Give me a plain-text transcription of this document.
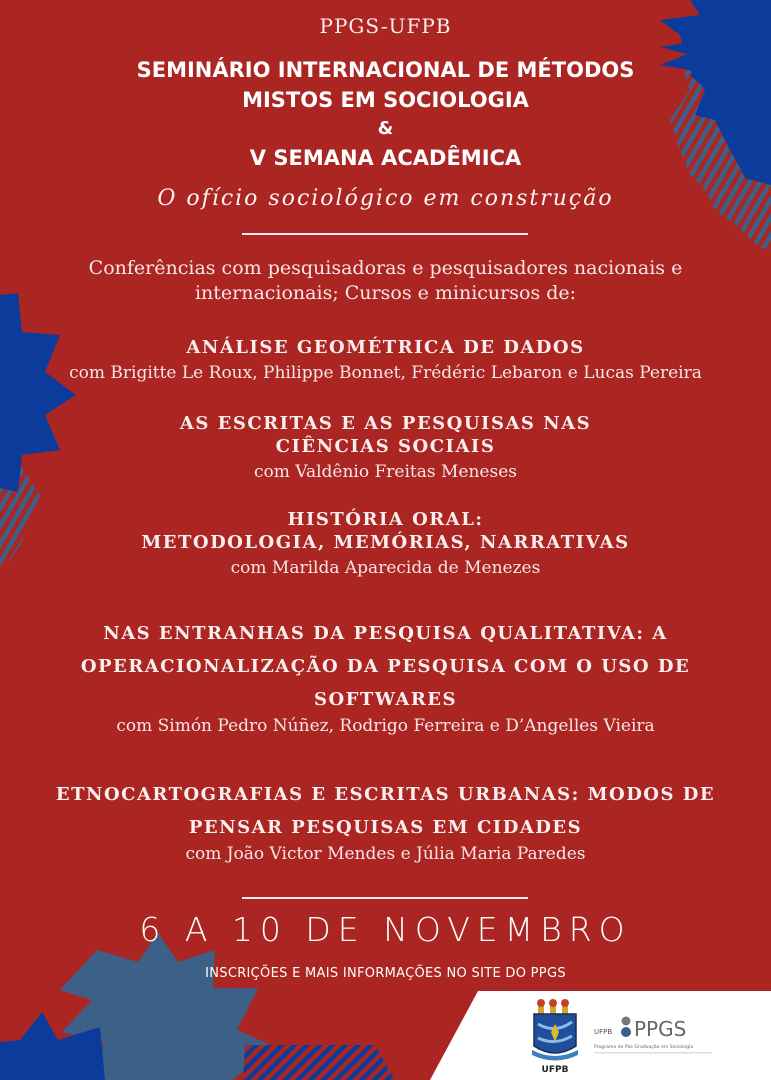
PPGS-UFPB
SEMINÁRIO INTERNACIONAL DE MÉTODOS
MISTOS EM SOCIOLOGIA
&
V SEMANA ACADÊMICA
O ofício sociológico em construção
Conferências com pesquisadoras e pesquisadores nacionais e
internacionais; Cursos e minicursos de:
ANÁLISE GEOMÉTRICA DE DADOS
com Brigitte Le Roux, Philippe Bonnet, Frédéric Lebaron e Lucas Pereira
AS ESCRITAS E AS PESQUISAS NAS
CIÊNCIAS SOCIAIS
com Valdênio Freitas Meneses
HISTÓRIA ORAL:
METODOLOGIA, MEMÓRIAS, NARRATIVAS
com Marilda Aparecida de Menezes
NAS ENTRANHAS DA PESQUISA QUALITATIVA: A
OPERACIONALIZAÇÃO DA PESQUISA COM O USO DE
SOFTWARES
com Simón Pedro Núñez, Rodrigo Ferreira e D’Angelles Vieira
ETNOCARTOGRAFIAS E ESCRITAS URBANAS: MODOS DE
PENSAR PESQUISAS EM CIDADES
com João Victor Mendes e Júlia Maria Paredes
6 A 10 DE NOVEMBRO
INSCRIÇÕES E MAIS INFORMAÇÕES NO SITE DO PPGS
UFPB
UFPB PPGS
Programa de Pós-Graduação em Sociologia
